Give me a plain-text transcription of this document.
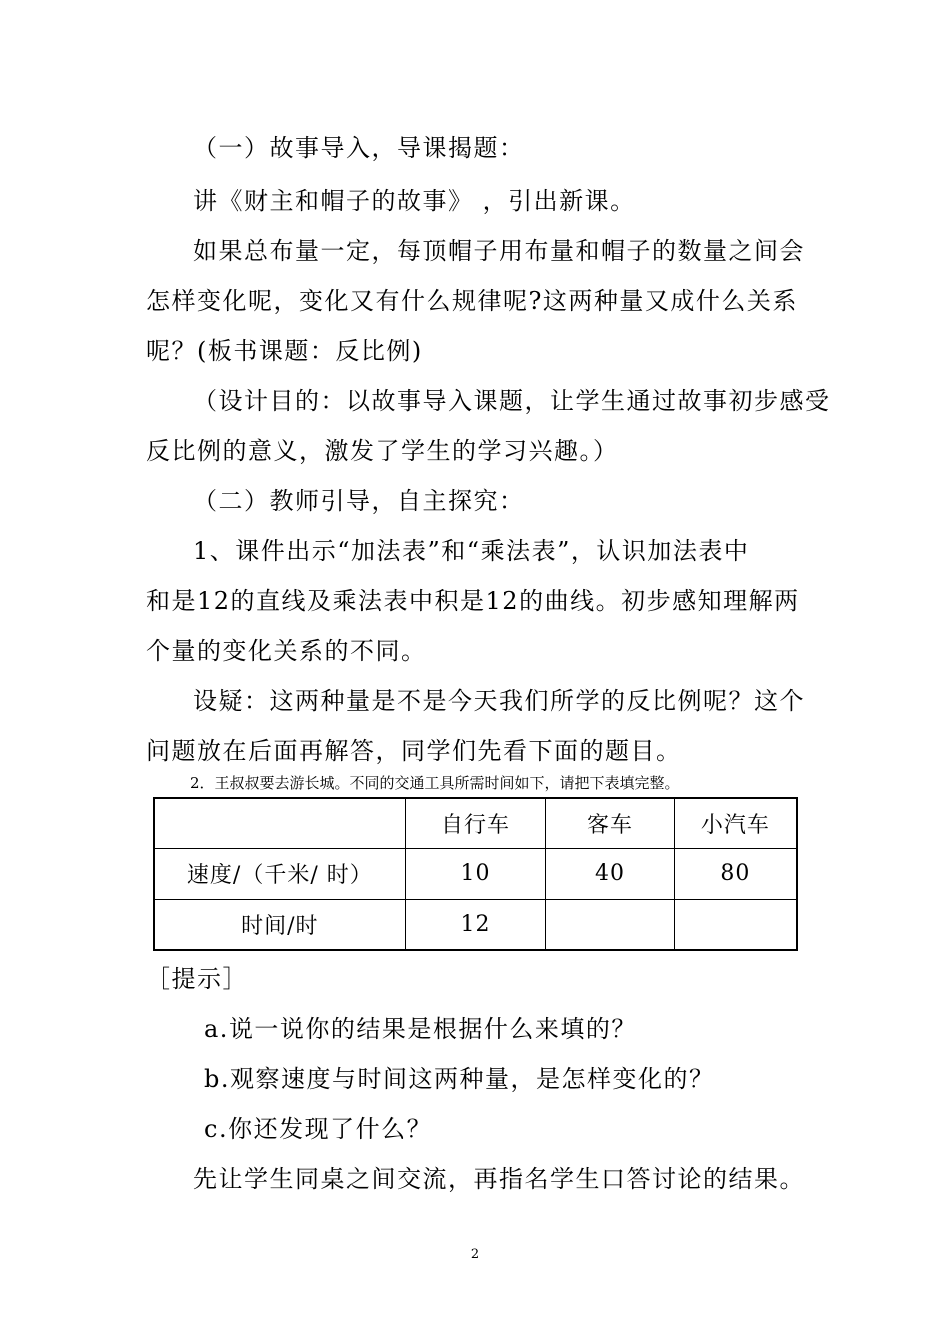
（一）故事导入，导课揭题：
讲《财主和帽子的故事》 ，引出新课。
如果总布量一定，每顶帽子用布量和帽子的数量之间会
怎样变化呢，变化又有什么规律呢?这两种量又成什么关系
呢？(板书课题：反比例)
（设计目的：以故事导入课题，让学生通过故事初步感受
反比例的意义，激发了学生的学习兴趣。）
（二）教师引导，自主探究：
1、课件出示“加法表”和“乘法表”，认识加法表中
和是12的直线及乘法表中积是12的曲线。初步感知理解两
个量的变化关系的不同。
设疑：这两种量是不是今天我们所学的反比例呢？这个
问题放在后面再解答，同学们先看下面的题目。
2．王叔叔要去游长城。不同的交通工具所需时间如下，请把下表填完整。
	自行车	客车	小汽车
速度/（千米/ 时）	10	40	80
时间/时	12		
［提示］
a.说一说你的结果是根据什么来填的？
b.观察速度与时间这两种量，是怎样变化的？
c.你还发现了什么？
先让学生同桌之间交流，再指名学生口答讨论的结果。
2
